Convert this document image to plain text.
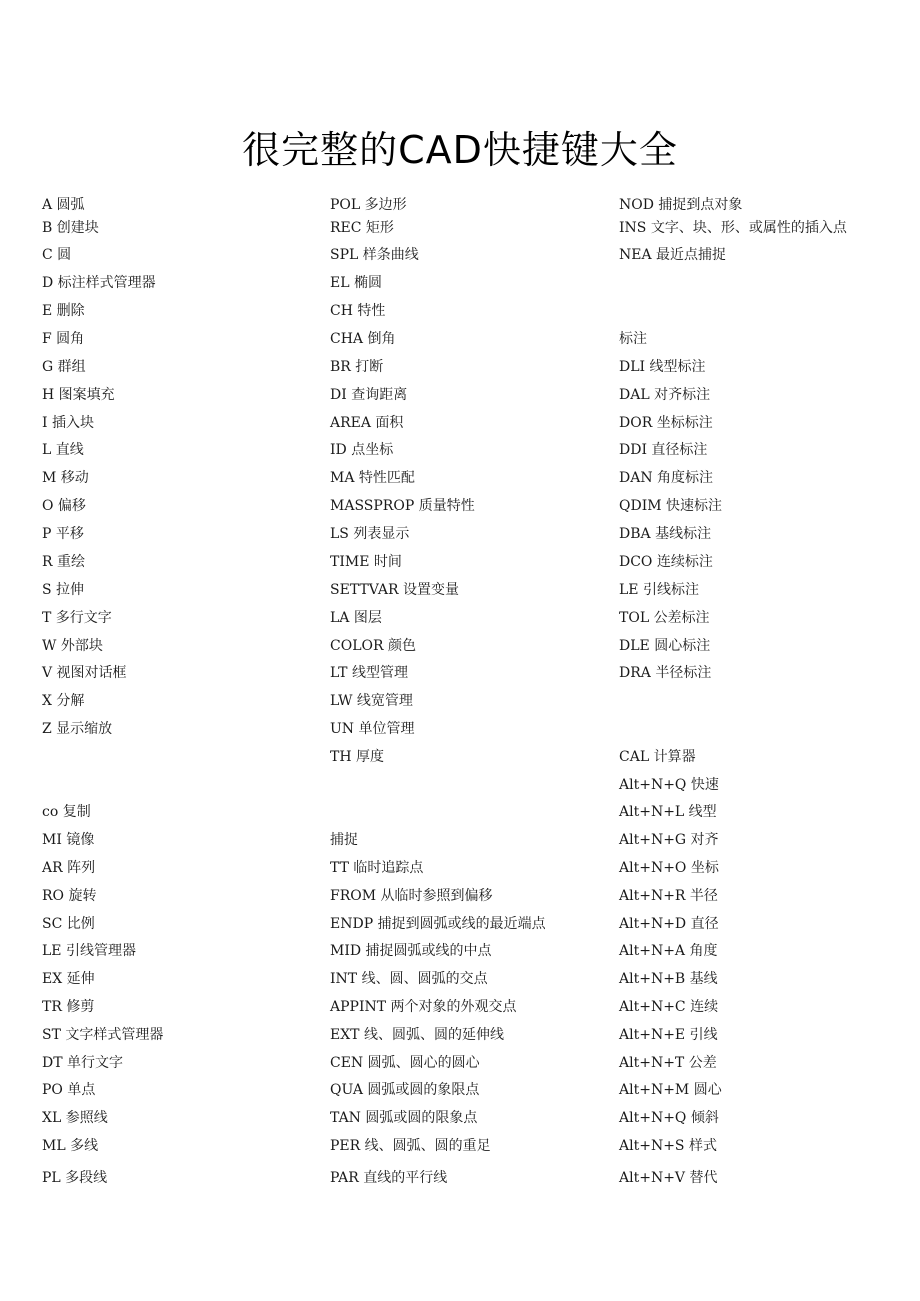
很完整的CAD快捷键大全
A 圆弧
B 创建块
C 圆
D 标注样式管理器
E 删除
F 圆角
G 群组
H 图案填充
I 插入块
L 直线
M 移动
O 偏移
P 平移
R 重绘
S 拉伸
T 多行文字
W 外部块
V 视图对话框
X 分解
Z 显示缩放
co 复制
MI 镜像
AR 阵列
RO 旋转
SC 比例
LE 引线管理器
EX 延伸
TR 修剪
ST 文字样式管理器
DT 单行文字
PO 单点
XL 参照线
ML 多线
PL 多段线
POL 多边形
REC 矩形
SPL 样条曲线
EL 椭圆
CH 特性
CHA 倒角
BR 打断
DI 查询距离
AREA 面积
ID 点坐标
MA 特性匹配
MASSPROP 质量特性
LS 列表显示
TIME 时间
SETTVAR 设置变量
LA 图层
COLOR 颜色
LT 线型管理
LW 线宽管理
UN 单位管理
TH 厚度
捕捉
TT 临时追踪点
FROM 从临时参照到偏移
ENDP 捕捉到圆弧或线的最近端点
MID 捕捉圆弧或线的中点
INT 线、圆、圆弧的交点
APPINT 两个对象的外观交点
EXT 线、圆弧、圆的延伸线
CEN 圆弧、圆心的圆心
QUA 圆弧或圆的象限点
TAN 圆弧或圆的限象点
PER 线、圆弧、圆的重足
PAR 直线的平行线
NOD 捕捉到点对象
INS 文字、块、形、或属性的插入点
NEA 最近点捕捉
标注
DLI 线型标注
DAL 对齐标注
DOR 坐标标注
DDI 直径标注
DAN 角度标注
QDIM 快速标注
DBA 基线标注
DCO 连续标注
LE 引线标注
TOL 公差标注
DLE 圆心标注
DRA 半径标注
CAL 计算器
Alt+N+Q 快速
Alt+N+L 线型
Alt+N+G 对齐
Alt+N+O 坐标
Alt+N+R 半径
Alt+N+D 直径
Alt+N+A 角度
Alt+N+B 基线
Alt+N+C 连续
Alt+N+E 引线
Alt+N+T 公差
Alt+N+M 圆心
Alt+N+Q 倾斜
Alt+N+S 样式
Alt+N+V 替代
